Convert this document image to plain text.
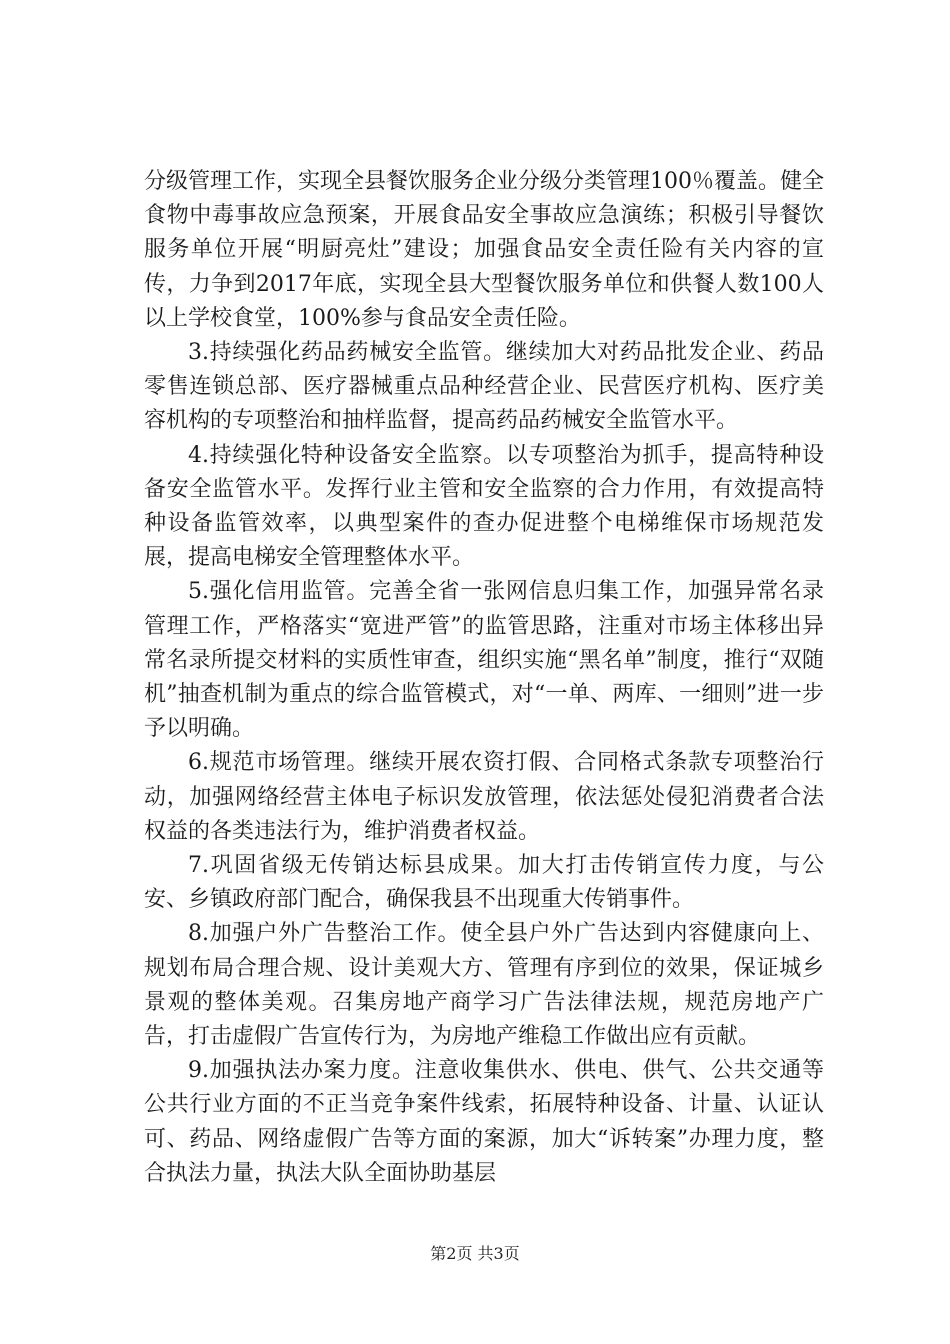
分级管理工作，实现全县餐饮服务企业分级分类管理100％覆盖。健全食物中毒事故应急预案，开展食品安全事故应急演练；积极引导餐饮服务单位开展“明厨亮灶”建设；加强食品安全责任险有关内容的宣传，力争到2017年底，实现全县大型餐饮服务单位和供餐人数100人以上学校食堂，100%参与食品安全责任险。

3.持续强化药品药械安全监管。继续加大对药品批发企业、药品零售连锁总部、医疗器械重点品种经营企业、民营医疗机构、医疗美容机构的专项整治和抽样监督，提高药品药械安全监管水平。

4.持续强化特种设备安全监察。以专项整治为抓手，提高特种设备安全监管水平。发挥行业主管和安全监察的合力作用，有效提高特种设备监管效率，以典型案件的查办促进整个电梯维保市场规范发展，提高电梯安全管理整体水平。

5.强化信用监管。完善全省一张网信息归集工作，加强异常名录管理工作，严格落实“宽进严管”的监管思路，注重对市场主体移出异常名录所提交材料的实质性审查，组织实施“黑名单”制度，推行“双随机”抽查机制为重点的综合监管模式，对“一单、两库、一细则”进一步予以明确。

6.规范市场管理。继续开展农资打假、合同格式条款专项整治行动，加强网络经营主体电子标识发放管理，依法惩处侵犯消费者合法权益的各类违法行为，维护消费者权益。

7.巩固省级无传销达标县成果。加大打击传销宣传力度，与公安、乡镇政府部门配合，确保我县不出现重大传销事件。

8.加强户外广告整治工作。使全县户外广告达到内容健康向上、规划布局合理合规、设计美观大方、管理有序到位的效果，保证城乡景观的整体美观。召集房地产商学习广告法律法规，规范房地产广告，打击虚假广告宣传行为，为房地产维稳工作做出应有贡献。

9.加强执法办案力度。注意收集供水、供电、供气、公共交通等公共行业方面的不正当竞争案件线索，拓展特种设备、计量、认证认可、药品、网络虚假广告等方面的案源，加大“诉转案”办理力度，整合执法力量，执法大队全面协助基层

第2页 共3页
